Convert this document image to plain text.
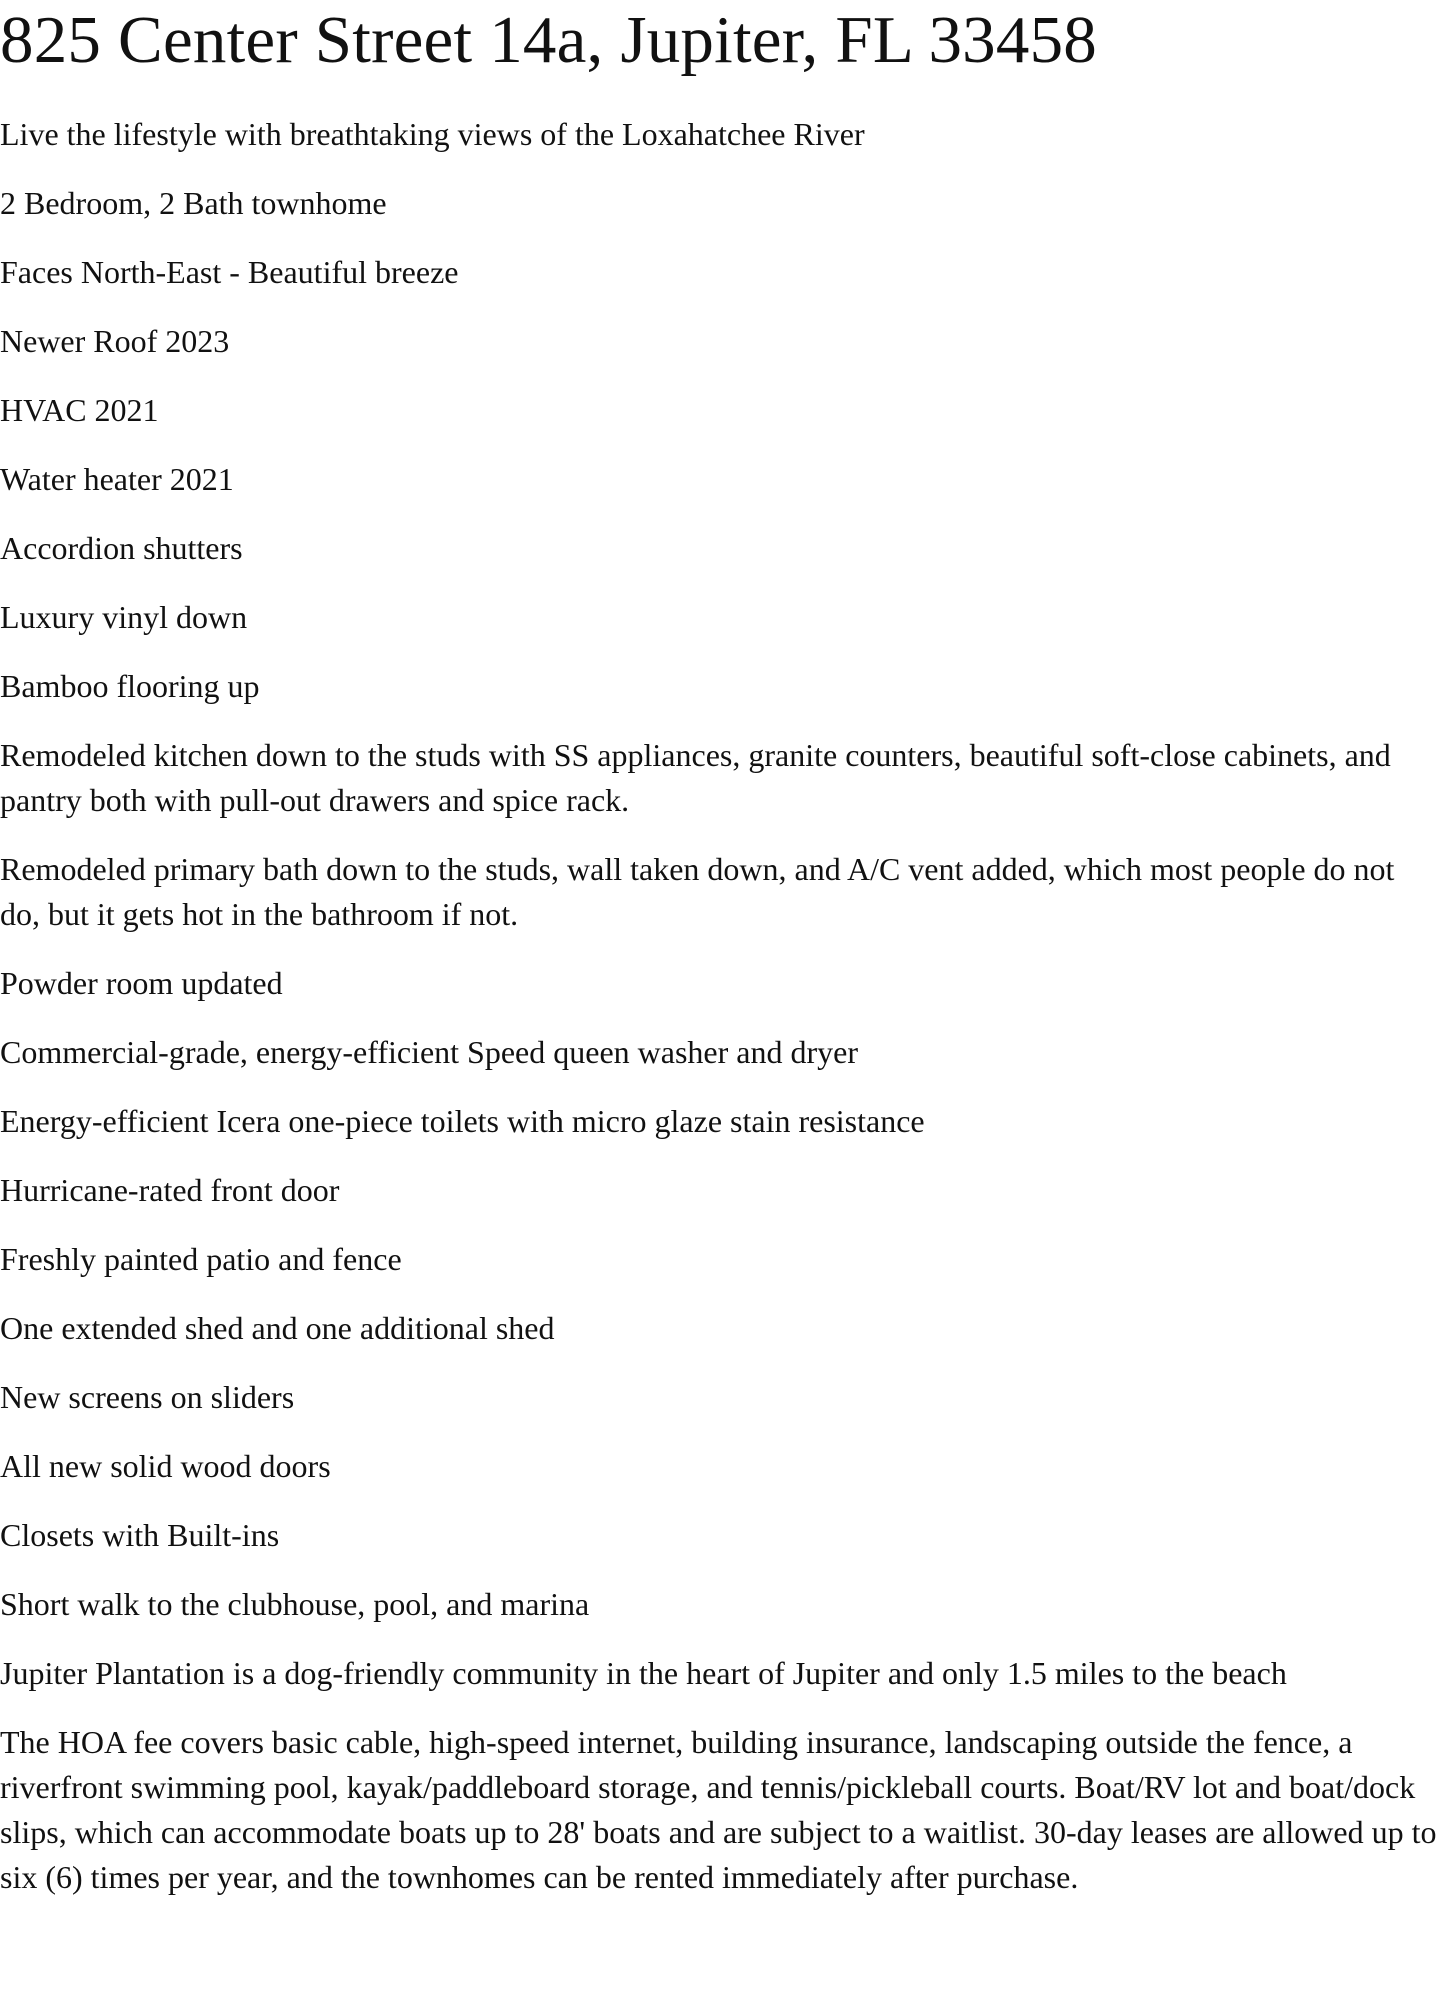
825 Center Street 14a, Jupiter, FL 33458

Live the lifestyle with breathtaking views of the Loxahatchee River

2 Bedroom, 2 Bath townhome

Faces North-East - Beautiful breeze

Newer Roof 2023

HVAC 2021

Water heater 2021

Accordion shutters

Luxury vinyl down

Bamboo flooring up

Remodeled kitchen down to the studs with SS appliances, granite counters, beautiful soft-close cabinets, and pantry both with pull-out drawers and spice rack.

Remodeled primary bath down to the studs, wall taken down, and A/C vent added, which most people do not do, but it gets hot in the bathroom if not.

Powder room updated

Commercial-grade, energy-efficient Speed queen washer and dryer

Energy-efficient Icera one-piece toilets with micro glaze stain resistance

Hurricane-rated front door

Freshly painted patio and fence

One extended shed and one additional shed

New screens on sliders

All new solid wood doors

Closets with Built-ins

Short walk to the clubhouse, pool, and marina

Jupiter Plantation is a dog-friendly community in the heart of Jupiter and only 1.5 miles to the beach

The HOA fee covers basic cable, high-speed internet, building insurance, landscaping outside the fence, a riverfront swimming pool, kayak/paddleboard storage, and tennis/pickleball courts. Boat/RV lot and boat/dock slips, which can accommodate boats up to 28' boats and are subject to a waitlist. 30-day leases are allowed up to six (6) times per year, and the townhomes can be rented immediately after purchase.
